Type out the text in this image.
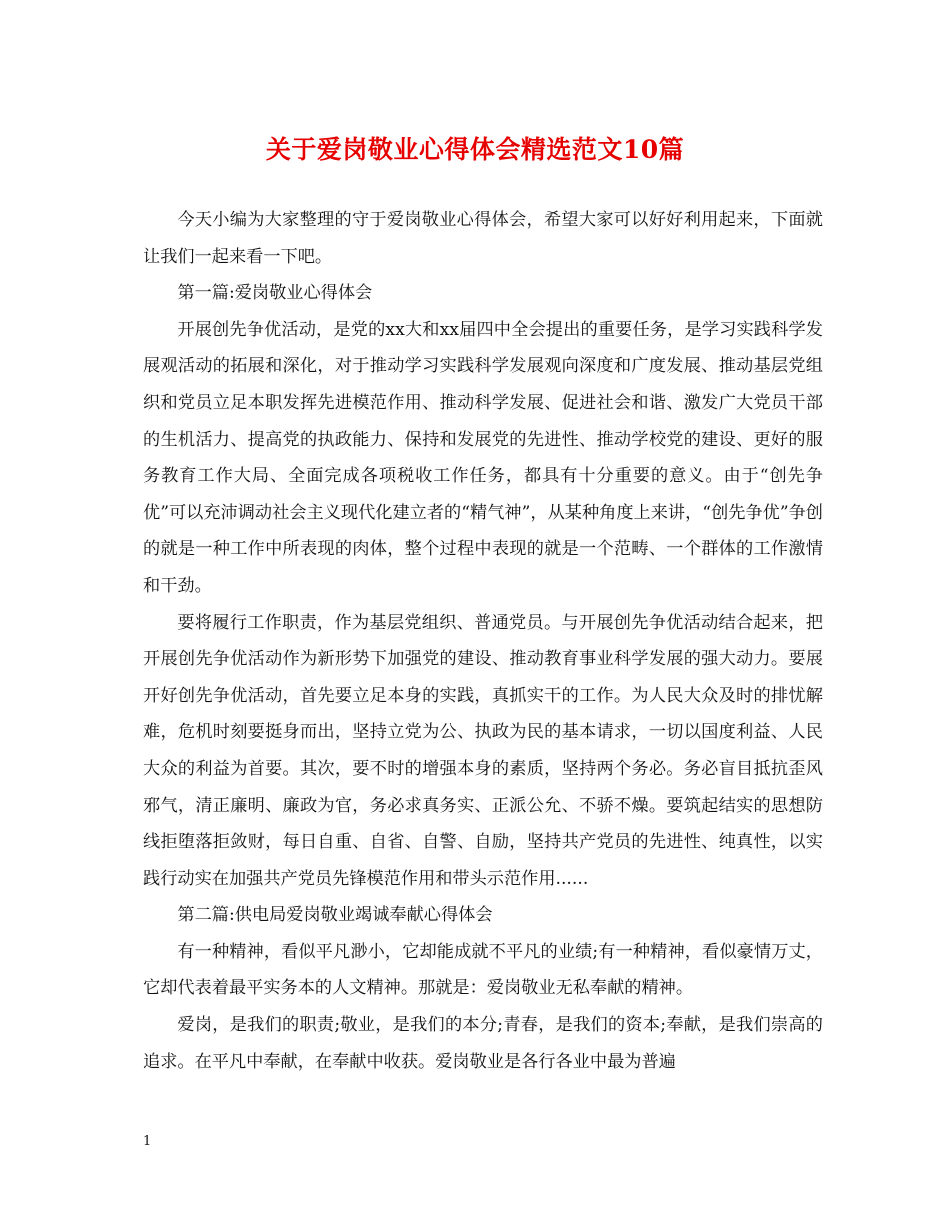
关于爱岗敬业心得体会精选范文10篇

今天小编为大家整理的守于爱岗敬业心得体会，希望大家可以好好利用起来，下面就让我们一起来看一下吧。

第一篇:爱岗敬业心得体会

开展创先争优活动，是党的xx大和xx届四中全会提出的重要任务，是学习实践科学发展观活动的拓展和深化，对于推动学习实践科学发展观向深度和广度发展、推动基层党组织和党员立足本职发挥先进模范作用、推动科学发展、促进社会和谐、激发广大党员干部的生机活力、提高党的执政能力、保持和发展党的先进性、推动学校党的建设、更好的服务教育工作大局、全面完成各项税收工作任务，都具有十分重要的意义。由于“创先争优”可以充沛调动社会主义现代化建立者的“精气神”，从某种角度上来讲，“创先争优”争创的就是一种工作中所表现的肉体，整个过程中表现的就是一个范畴、一个群体的工作激情和干劲。

要将履行工作职责，作为基层党组织、普通党员。与开展创先争优活动结合起来，把开展创先争优活动作为新形势下加强党的建设、推动教育事业科学发展的强大动力。要展开好创先争优活动，首先要立足本身的实践，真抓实干的工作。为人民大众及时的排忧解难，危机时刻要挺身而出，坚持立党为公、执政为民的基本请求，一切以国度利益、人民大众的利益为首要。其次，要不时的增强本身的素质，坚持两个务必。务必盲目抵抗歪风邪气，清正廉明、廉政为官，务必求真务实、正派公允、不骄不燥。要筑起结实的思想防线拒堕落拒敛财，每日自重、自省、自警、自励，坚持共产党员的先进性、纯真性，以实践行动实在加强共产党员先锋模范作用和带头示范作用......

第二篇:供电局爱岗敬业竭诚奉献心得体会

有一种精神，看似平凡渺小，它却能成就不平凡的业绩;有一种精神，看似豪情万丈，它却代表着最平实务本的人文精神。那就是：爱岗敬业无私奉献的精神。

爱岗，是我们的职责;敬业，是我们的本分;青春，是我们的资本;奉献，是我们崇高的追求。在平凡中奉献，在奉献中收获。爱岗敬业是各行各业中最为普遍

1
